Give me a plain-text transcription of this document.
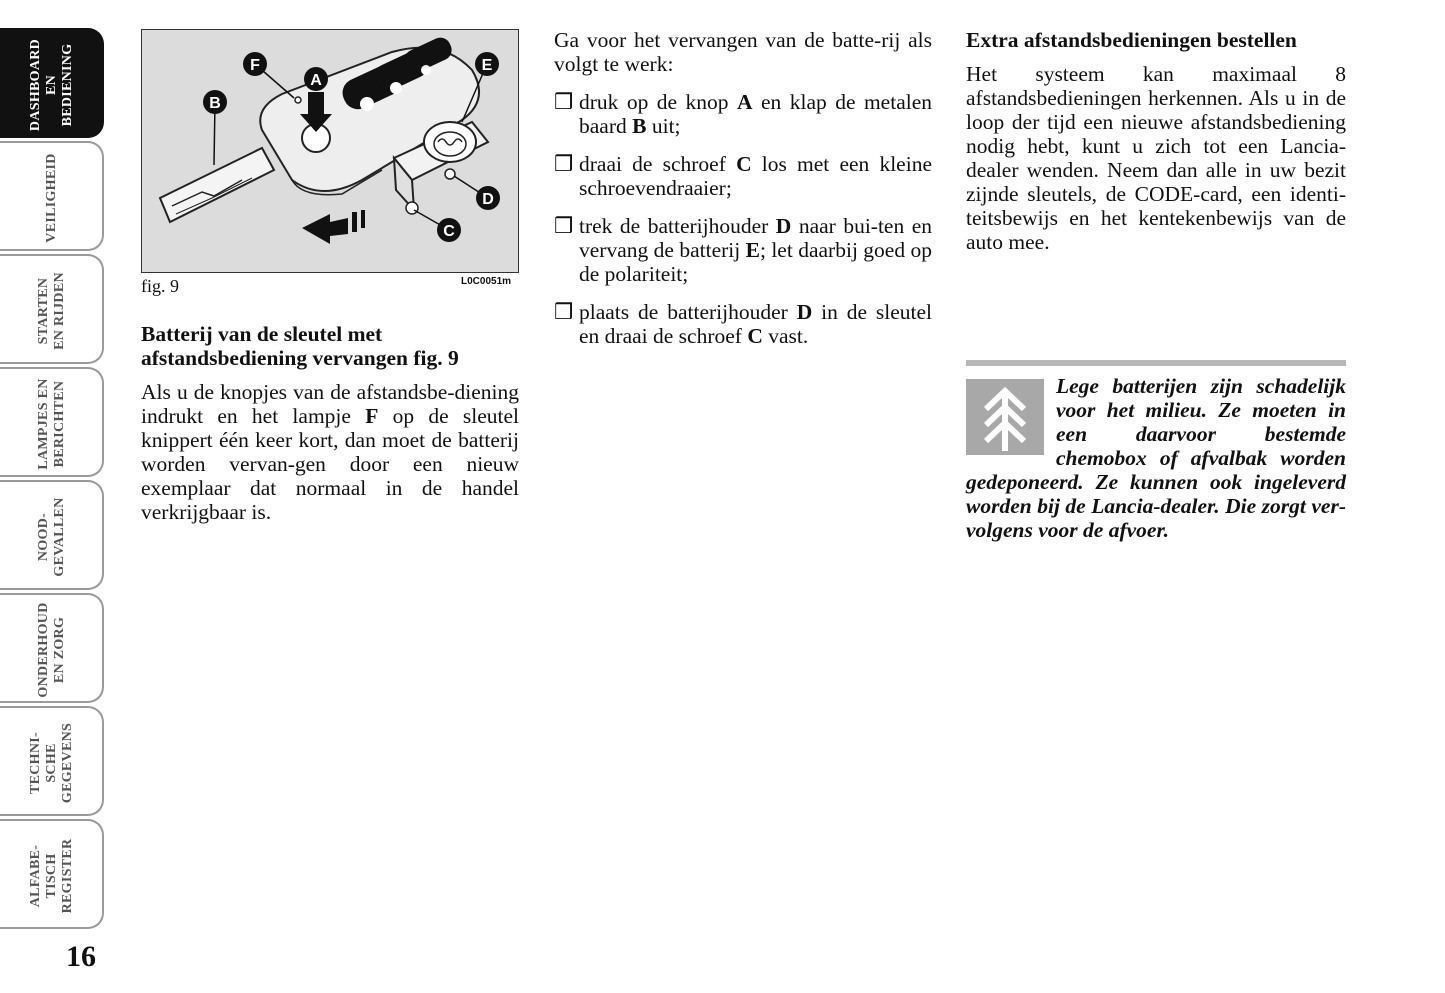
DASHBOARD
EN
BEDIENING
VEILIGHEID
STARTEN
EN RIJDEN
LAMPJES EN
BERICHTEN
NOOD-
GEVALLEN
ONDERHOUD
EN ZORG
TECHNI-
SCHE
GEGEVENS
ALFABE-
TISCH
REGISTER
16
F
A
B
E
D
C
fig. 9	L0C0051m

Batterij van de sleutel met afstandsbediening vervangen fig. 9

Als u de knopjes van de afstandsbe-diening indrukt en het lampje F op de sleutel knippert één keer kort, dan moet de batterij worden vervan-gen door een nieuw exemplaar dat normaal in de handel verkrijgbaar is.

Ga voor het vervangen van de batte-rij als volgt te werk:

❒ druk op de knop A en klap de metalen baard B uit;
❒ draai de schroef C los met een kleine schroevendraaier;
❒ trek de batterijhouder D naar bui-ten en vervang de batterij E; let daarbij goed op de polariteit;
❒ plaats de batterijhouder D in de sleutel en draai de schroef C vast.

Extra afstandsbedieningen bestellen

Het systeem kan maximaal 8 afstandsbedieningen herkennen. Als u in de loop der tijd een nieuwe afstandsbediening nodig hebt, kunt u zich tot een Lancia-dealer wenden. Neem dan alle in uw bezit zijnde sleutels, de CODE-card, een identi-teitsbewijs en het kentekenbewijs van de auto mee.

Lege batterijen zijn schadelijk voor het milieu. Ze moeten in een daarvoor bestemde chemobox of afvalbak worden gedeponeerd. Ze kunnen ook ingeleverd worden bij de Lancia-dealer. Die zorgt ver-volgens voor de afvoer.
